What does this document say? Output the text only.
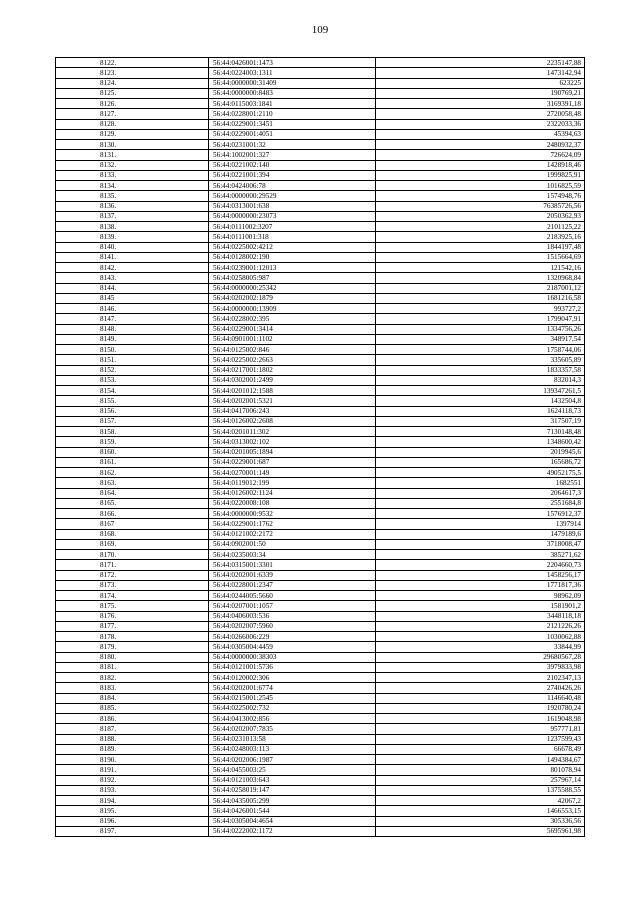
109
8122.	56:44:0426001:1473	2235147,88
8123.	56:44:0224003:1311	1473142,94
8124.	56:44:0000000:31409	623225
8125.	56:44:0000000:8483	190769,21
8126.	56:44:0115003:1841	3169391,18
8127.	56:44:0228001:2110	2720058,48
8128.	56:44:0229001:3451	2322033,36
8129.	56:44:0229001:4051	45394,63
8130.	56:44:0231001:32	2480932,37
8131.	56:44:1002001:327	726624,09
8132.	56:44:0221002:140	1428918,46
8133.	56:44:0221001:394	1999825,91
8134.	56:44:0424006:78	1016825,59
8135.	56:44:0000000:29529	1574948,76
8136.	56:44:0313001:638	76385726,56
8137.	56:44:0000000:23073	2050362,93
8138.	56:44:0111002:3207	2101125,22
8139.	56:44:0111001:318	2183925,16
8140.	56:44:0225002:4212	1844197,48
8141.	56:44:0128002:190	1515664,69
8142.	56:44:0239001:12013	121542,16
8143.	56:44:0258005:987	1320968,84
8144.	56:44:0000000:25342	2187001,12
8145	56:44:0202002:1879	1681216,58
8146.	56:44:0000000:13909	993727,2
8147.	56:44:0228002:395	1799047,91
8148.	56:44:0229001:3414	1334756,26
8149.	56:44:0901001:1102	348917,54
8150.	56:44:0125002:846	1758744,06
8151.	56:44:0225002:2663	335605,89
8152.	56:44:0217001:1802	1833357,58
8153.	56:44:0302001:2499	832014,3
8154.	56:44:0201012:1588	139347261,5
8155.	56:44:0202001:5321	1432504,8
8156.	56:44:0417006:243	1624118,73
8157.	56:44:0126002:2608	317507,19
8158.	56:44:0201011:302	7130148,48
8159.	56:44:0313002:102	1348600,42
8160.	56:44:0201005:1894	2019945,6
8161.	56:44:0229001:687	165686,72
8162.	56:44:0270001:149	49052175,5
8163.	56:44:0119012:199	1682551
8164.	56:44:0126002:1124	2064617,3
8165.	56:44:0220008:108	2551684,8
8166.	56:44:0000000:9532	1576912,37
8167	56:44:0229001:1762	1397914
8168.	56:44:0121002:2172	1479189,6
8169.	56:44:0902001:50	3718008,47
8170.	56:44:0235003:34	385271,62
8171.	56:44:0315001:3301	2204660,73
8172.	56:44:0202001:6339	1458256,17
8173.	56:44:0228001:2347	1771817,36
8174.	56:44:0244005:5660	98962,09
8175.	56:44:0207001:1057	1581901,2
8176.	56:44:0406003:536	3448118,18
8177.	56:44:0202007:5960	2121226,26
8178.	56:44:0266006:229	1030062,88
8179.	56:44:0305004:4459	33844,99
8180.	56:44:0000000:38303	29680567,28
8181.	56:44:0121001:5736	3979833,98
8182.	56:44:0120002:306	2102347,13
8183.	56:44:0202001:6774	2740426,26
8184.	56:44:0215001:2545	1146640,48
8185.	56:44:0225002:732	1920780,24
8186.	56:44:0413002:856	1619048,98
8187.	56:44:0202007:7835	957771,81
8188.	56:44:0231013:58	1237599,43
8189.	56:44:0248003:113	66678,49
8190.	56:44:0202006:1987	1494384,67
8191.	56:44:0455003:25	801078,94
8192.	56:44:0121003:643	257967,14
8193.	56:44:0258019:147	1375588,55
8194.	56:44:0435005:299	42067,2
8195.	56:44:0426001:544	1466553,15
8196.	56:44:0305004:4654	305336,56
8197.	56:44:0222002:1172	5695961,98
